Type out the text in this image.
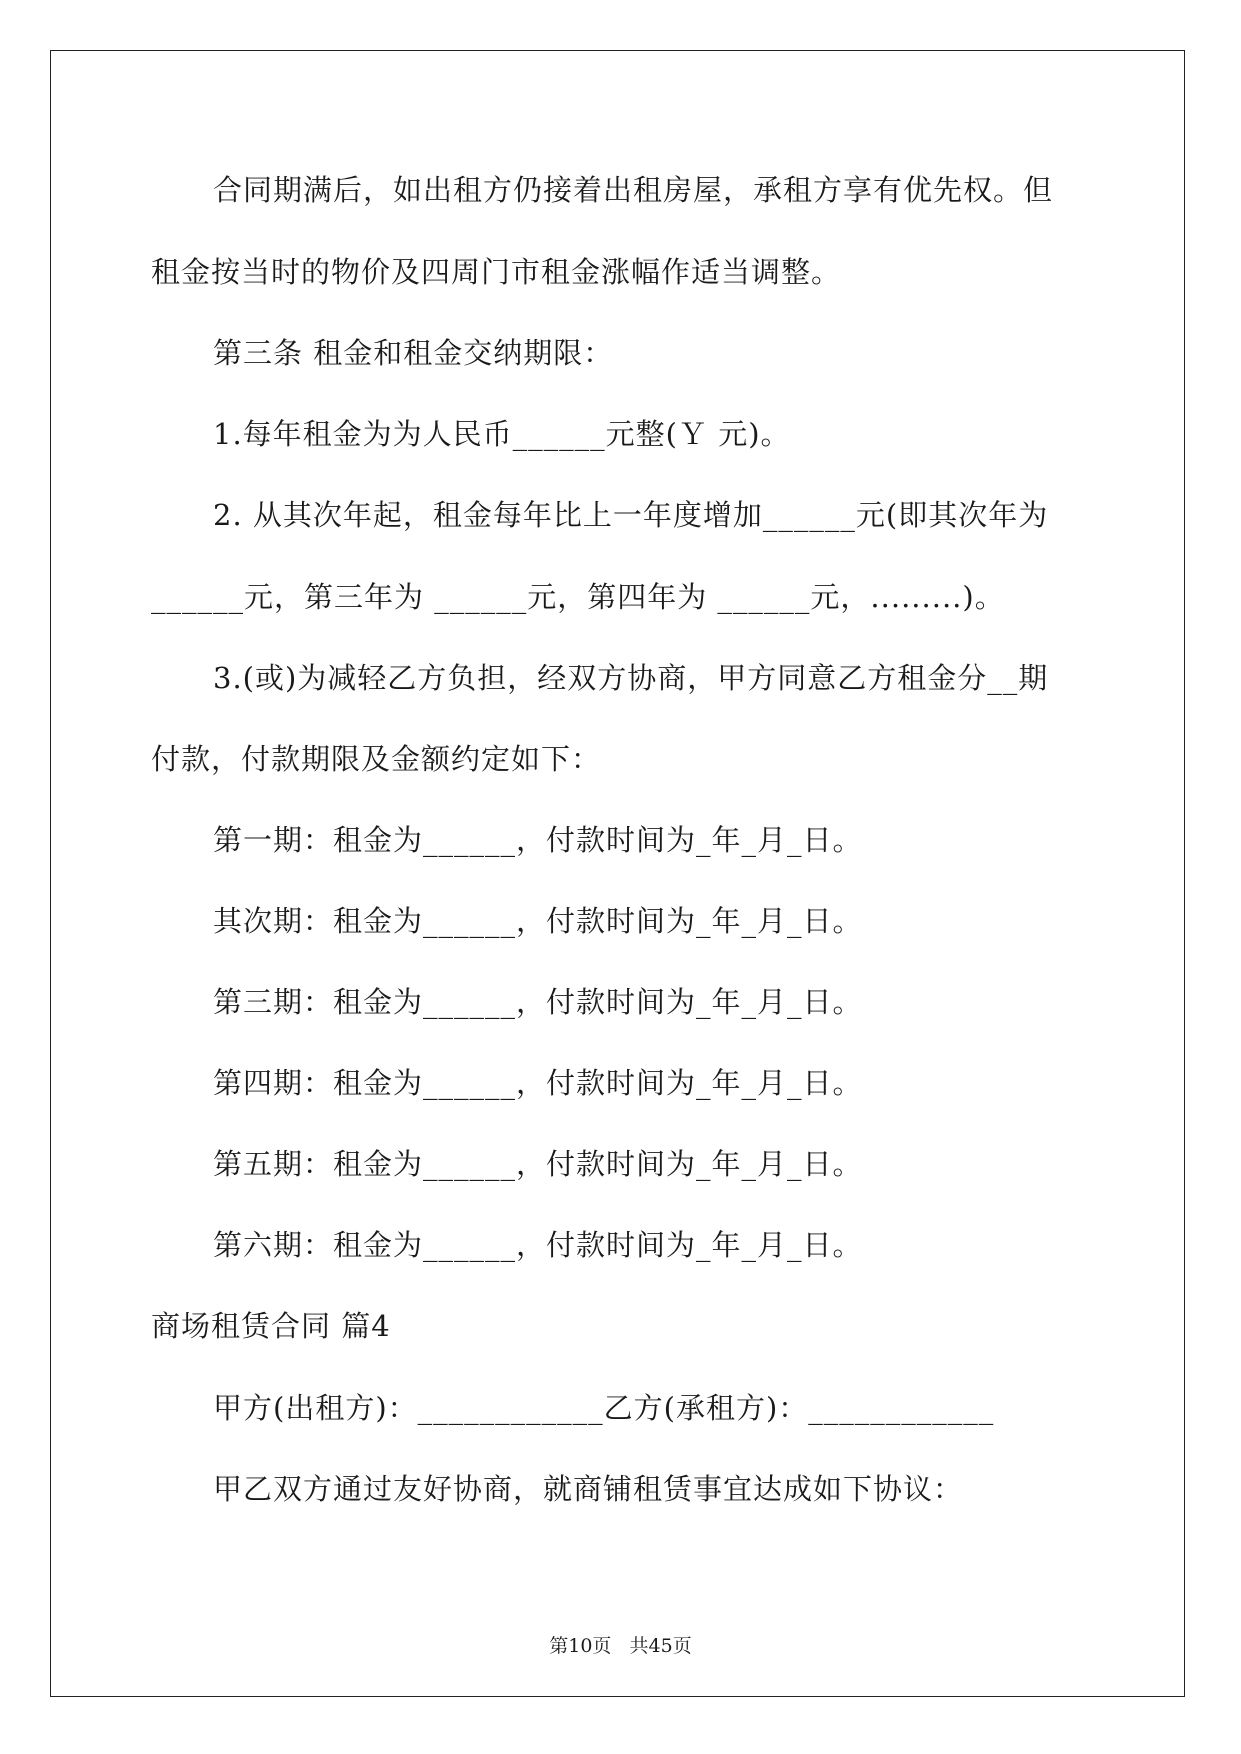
合同期满后，如出租方仍接着出租房屋，承租方享有优先权。但
租金按当时的物价及四周门市租金涨幅作适当调整。
第三条 租金和租金交纳期限：
1.每年租金为为人民币______元整(Ｙ 元)。
2. 从其次年起，租金每年比上一年度增加______元(即其次年为
______元，第三年为 ______元，第四年为 ______元，.........)。
3.(或)为减轻乙方负担，经双方协商，甲方同意乙方租金分__期
付款，付款期限及金额约定如下：
第一期：租金为______，付款时间为_年_月_日。
其次期：租金为______，付款时间为_年_月_日。
第三期：租金为______，付款时间为_年_月_日。
第四期：租金为______，付款时间为_年_月_日。
第五期：租金为______，付款时间为_年_月_日。
第六期：租金为______，付款时间为_年_月_日。
商场租赁合同 篇4
甲方(出租方)：____________乙方(承租方)：____________
甲乙双方通过友好协商，就商铺租赁事宜达成如下协议：
第10页   共45页
